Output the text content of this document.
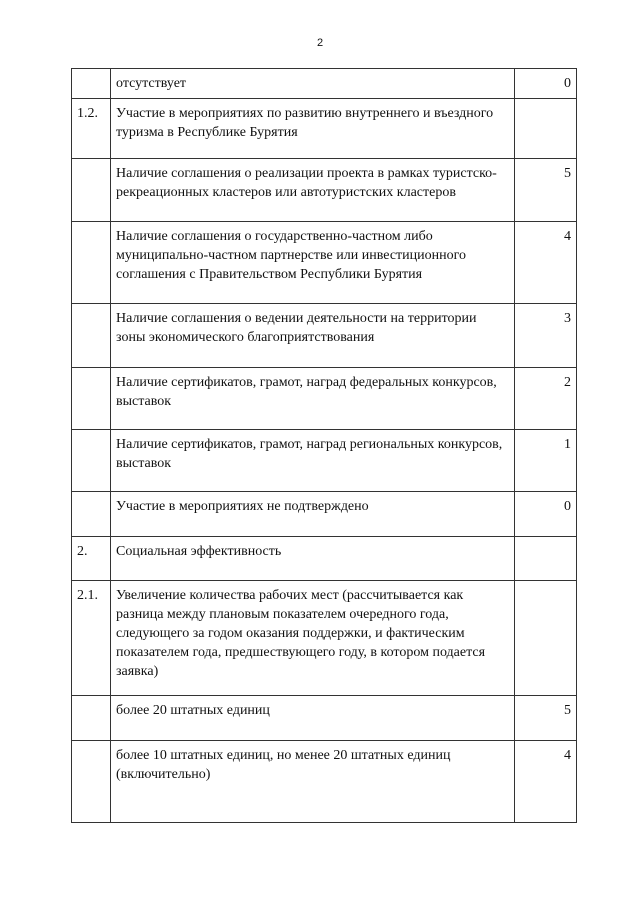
2
	отсутствует	0
1.2.	Участие в мероприятиях по развитию внутреннего и въездного туризма в Республике Бурятия	
	Наличие соглашения о реализации проекта в рамках туристско-рекреационных кластеров или автотуристских кластеров	5
	Наличие соглашения о государственно-частном либо муниципально-частном партнерстве или инвестиционного соглашения с Правительством Республики Бурятия	4
	Наличие соглашения о ведении деятельности на территории зоны экономического благоприятствования	3
	Наличие сертификатов, грамот, наград федеральных конкурсов, выставок	2
	Наличие сертификатов, грамот, наград региональных конкурсов, выставок	1
	Участие в мероприятиях не подтверждено	0
2.	Социальная эффективность	
2.1.	Увеличение количества рабочих мест (рассчитывается как разница между плановым показателем очередного года, следующего за годом оказания поддержки, и фактическим показателем года, предшествующего году, в котором подается заявка)	
	более 20 штатных единиц	5
	более 10 штатных единиц, но менее 20 штатных единиц (включительно)	4
